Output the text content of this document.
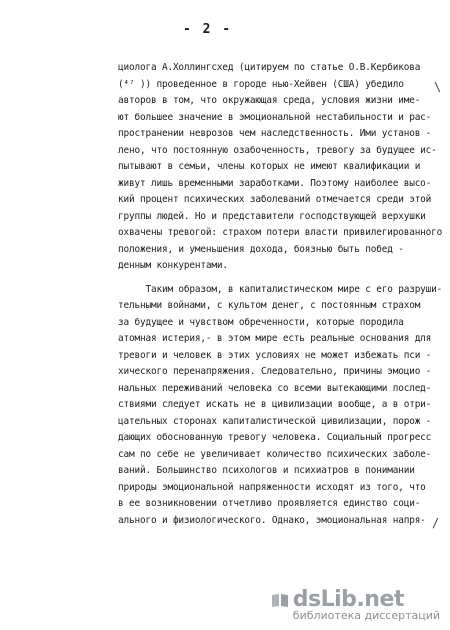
- 2 -
\
/
циолога А.Холлингсхед (цитируем по статье О.В.Кербикова
(⁴⁷ )) проведенное в городе нью-Хейвен (США) убедило
авторов в том, что окружающая среда, условия жизни име-
ют большее значение в эмоциональной нестабильности и рас-
пространении неврозов чем наследственность. Ими установ -
лено, что постоянную озабоченность, тревогу за будущее ис-
пытывают в семьи, члены которых не имеют квалификации и
живут лишь временными заработками. Поэтому наиболее высо-
кий процент психических заболеваний отмечается среди этой
группы людей. Но и представители господствующей верхушки
охвачены тревогой: страхом потери власти привилегированного
положения, и уменьшения дохода, боязнью быть побед -
денным конкурентами.
Таким образом, в капиталистическом мире с его разруши-
тельными войнами, с культом денег, с постоянным страхом
за будущее и чувством обреченности, которые породила
атомная истерия,- в этом мире есть реальные основания для
тревоги и человек в этих условиях не может избежать пси -
хического перенапряжения. Следовательно, причины эмоцио -
нальных переживаний человека со всеми вытекающими послед-
ствиями следует искать не в цивилизации вообще, а в отри-
цательных сторонах капиталистической цивилизации, порож -
дающих обоснованную тревогу человека. Социальный прогресс
сам по себе не увеличивает количество психических заболе-
ваний. Большинство психологов и психиатров в понимании
природы эмоциональной напряженности исходят из того, что
в ее возникновении отчетливо проявляется единство соци-
ального и физиологического. Однако, эмоциональная напря-
dsLib.net
библиотека диссертаций
